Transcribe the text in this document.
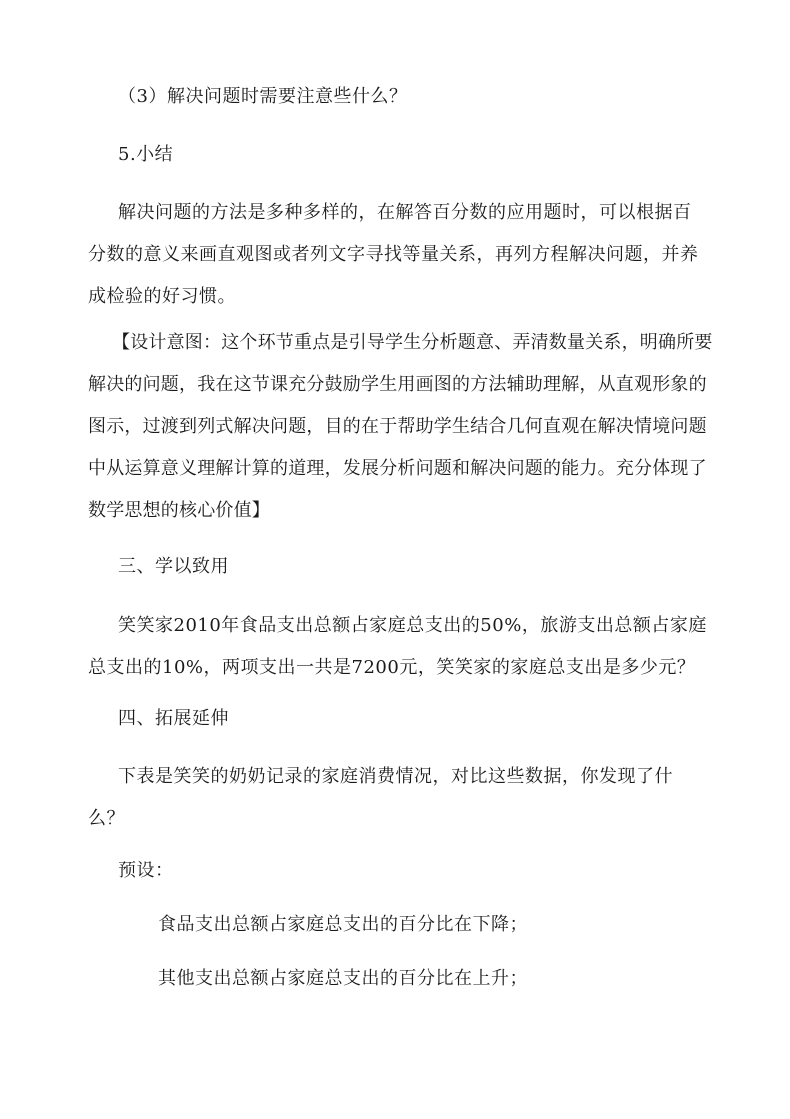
（3）解决问题时需要注意些什么？
5.小结
解决问题的方法是多种多样的，在解答百分数的应用题时，可以根据百分数的意义来画直观图或者列文字寻找等量关系，再列方程解决问题，并养成检验的好习惯。
【设计意图：这个环节重点是引导学生分析题意、弄清数量关系，明确所要解决的问题，我在这节课充分鼓励学生用画图的方法辅助理解，从直观形象的图示，过渡到列式解决问题，目的在于帮助学生结合几何直观在解决情境问题中从运算意义理解计算的道理，发展分析问题和解决问题的能力。充分体现了数学思想的核心价值】
三、学以致用
笑笑家2010年食品支出总额占家庭总支出的50%，旅游支出总额占家庭总支出的10%，两项支出一共是7200元，笑笑家的家庭总支出是多少元？
四、拓展延伸
下表是笑笑的奶奶记录的家庭消费情况，对比这些数据，你发现了什么？
预设：
食品支出总额占家庭总支出的百分比在下降；
其他支出总额占家庭总支出的百分比在上升；
